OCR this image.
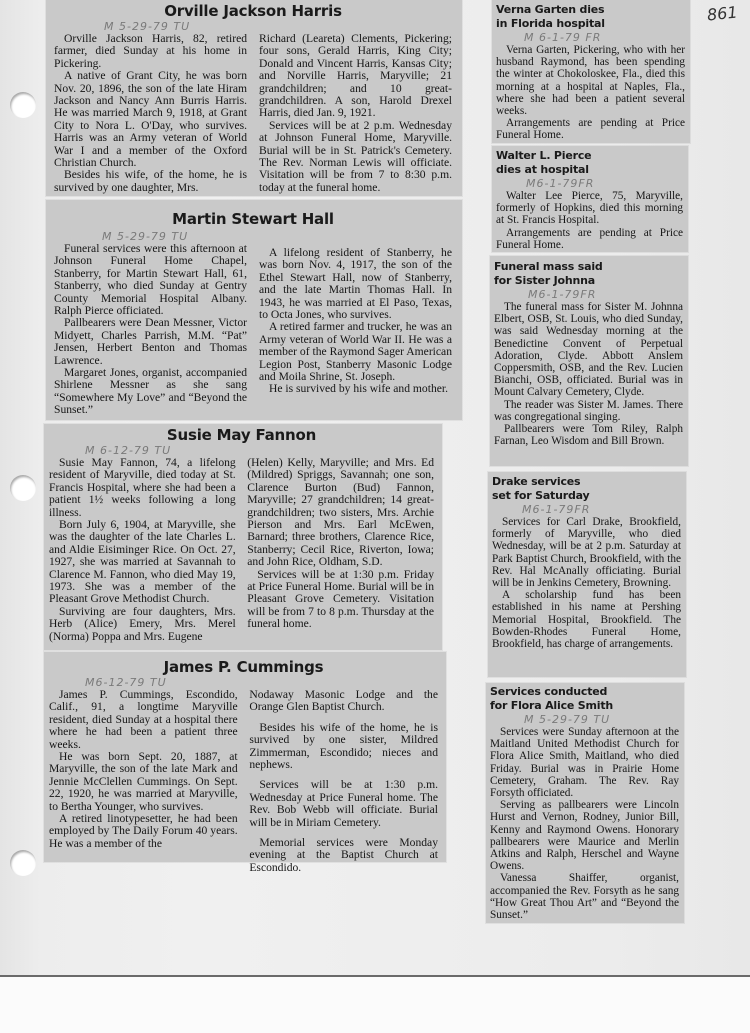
861
Orville Jackson Harris
M 5-29-79 TU

Orville Jackson Harris, 82, retired farmer, died Sunday at his home in Pickering.

A native of Grant City, he was born Nov. 20, 1896, the son of the late Hiram Jackson and Nancy Ann Burris Harris. He was married March 9, 1918, at Grant City to Nora L. O'Day, who survives. Harris was an Army veteran of World War I and a member of the Oxford Christian Church.

Besides his wife, of the home, he is survived by one daughter, Mrs.

Richard (Leareta) Clements, Pickering; four sons, Gerald Harris, King City; Donald and Vincent Harris, Kansas City; and Norville Harris, Maryville; 21 grandchildren; and 10 great-grandchildren. A son, Harold Drexel Harris, died Jan. 9, 1921.

Services will be at 2 p.m. Wednesday at Johnson Funeral Home, Maryville. Burial will be in St. Patrick's Cemetery. The Rev. Norman Lewis will officiate. Visitation will be from 7 to 8:30 p.m. today at the funeral home.

Martin Stewart Hall
M 5-29-79 TU

Funeral services were this afternoon at Johnson Funeral Home Chapel, Stanberry, for Martin Stewart Hall, 61, Stanberry, who died Sunday at Gentry County Memorial Hospital Albany. Ralph Pierce officiated.

Pallbearers were Dean Messner, Victor Midyett, Charles Parrish, M.M. “Pat” Jensen, Herbert Benton and Thomas Lawrence.

Margaret Jones, organist, accompanied Shirlene Messner as she sang “Somewhere My Love” and “Beyond the Sunset.”

A lifelong resident of Stanberry, he was born Nov. 4, 1917, the son of the Ethel Stewart Hall, now of Stanberry, and the late Martin Thomas Hall. In 1943, he was married at El Paso, Texas, to Octa Jones, who survives.

A retired farmer and trucker, he was an Army veteran of World War II. He was a member of the Raymond Sager American Legion Post, Stanberry Masonic Lodge and Moila Shrine, St. Joseph.

He is survived by his wife and mother.

Susie May Fannon
M 6-12-79 TU

Susie May Fannon, 74, a lifelong resident of Maryville, died today at St. Francis Hospital, where she had been a patient 1½ weeks following a long illness.

Born July 6, 1904, at Maryville, she was the daughter of the late Charles L. and Aldie Eisiminger Rice. On Oct. 27, 1927, she was married at Savannah to Clarence M. Fannon, who died May 19, 1973. She was a member of the Pleasant Grove Methodist Church.

Surviving are four daughters, Mrs. Herb (Alice) Emery, Mrs. Merel (Norma) Poppa and Mrs. Eugene

(Helen) Kelly, Maryville; and Mrs. Ed (Mildred) Spriggs, Savannah; one son, Clarence Burton (Bud) Fannon, Maryville; 27 grandchildren; 14 great-grandchildren; two sisters, Mrs. Archie Pierson and Mrs. Earl McEwen, Barnard; three brothers, Clarence Rice, Stanberry; Cecil Rice, Riverton, Iowa; and John Rice, Oldham, S.D.

Services will be at 1:30 p.m. Friday at Price Funeral Home. Burial will be in Pleasant Grove Cemetery. Visitation will be from 7 to 8 p.m. Thursday at the funeral home.

James P. Cummings
M6-12-79 TU

James P. Cummings, Escondido, Calif., 91, a longtime Maryville resident, died Sunday at a hospital there where he had been a patient three weeks.

He was born Sept. 20, 1887, at Maryville, the son of the late Mark and Jennie McClellen Cummings. On Sept. 22, 1920, he was married at Maryville, to Bertha Younger, who survives.

A retired linotypesetter, he had been employed by The Daily Forum 40 years. He was a member of the

Nodaway Masonic Lodge and the Orange Glen Baptist Church.

Besides his wife of the home, he is survived by one sister, Mildred Zimmerman, Escondido; nieces and nephews.

Services will be at 1:30 p.m. Wednesday at Price Funeral home. The Rev. Bob Webb will officiate. Burial will be in Miriam Cemetery.

Memorial services were Monday evening at the Baptist Church at Escondido.

Verna Garten dies
in Florida hospital
M 6-1-79 FR

Verna Garten, Pickering, who with her husband Raymond, has been spending the winter at Chokoloskee, Fla., died this morning at a hospital at Naples, Fla., where she had been a patient several weeks.

Arrangements are pending at Price Funeral Home.

Walter L. Pierce
dies at hospital
M6-1-79FR

Walter Lee Pierce, 75, Maryville, formerly of Hopkins, died this morning at St. Francis Hospital.

Arrangements are pending at Price Funeral Home.

Funeral mass said
for Sister Johnna
M6-1-79FR

The funeral mass for Sister M. Johnna Elbert, OSB, St. Louis, who died Sunday, was said Wednesday morning at the Benedictine Convent of Perpetual Adoration, Clyde. Abbott Anslem Coppersmith, OSB, and the Rev. Lucien Bianchi, OSB, officiated. Burial was in Mount Calvary Cemetery, Clyde.

The reader was Sister M. James. There was congregational singing.

Pallbearers were Tom Riley, Ralph Farnan, Leo Wisdom and Bill Brown.

Drake services
set for Saturday
M6-1-79FR

Services for Carl Drake, Brookfield, formerly of Maryville, who died Wednesday, will be at 2 p.m. Saturday at Park Baptist Church, Brookfield, with the Rev. Hal McAnally officiating. Burial will be in Jenkins Cemetery, Browning.

A scholarship fund has been established in his name at Pershing Memorial Hospital, Brookfield. The Bowden-Rhodes Funeral Home, Brookfield, has charge of arrangements.

Services conducted
for Flora Alice Smith
M 5-29-79 TU

Services were Sunday afternoon at the Maitland United Methodist Church for Flora Alice Smith, Maitland, who died Friday. Burial was in Prairie Home Cemetery, Graham. The Rev. Ray Forsyth officiated.

Serving as pallbearers were Lincoln Hurst and Vernon, Rodney, Junior Bill, Kenny and Raymond Owens. Honorary pallbearers were Maurice and Merlin Atkins and Ralph, Herschel and Wayne Owens.

Vanessa Shaiffer, organist, accompanied the Rev. Forsyth as he sang “How Great Thou Art” and “Beyond the Sunset.”
